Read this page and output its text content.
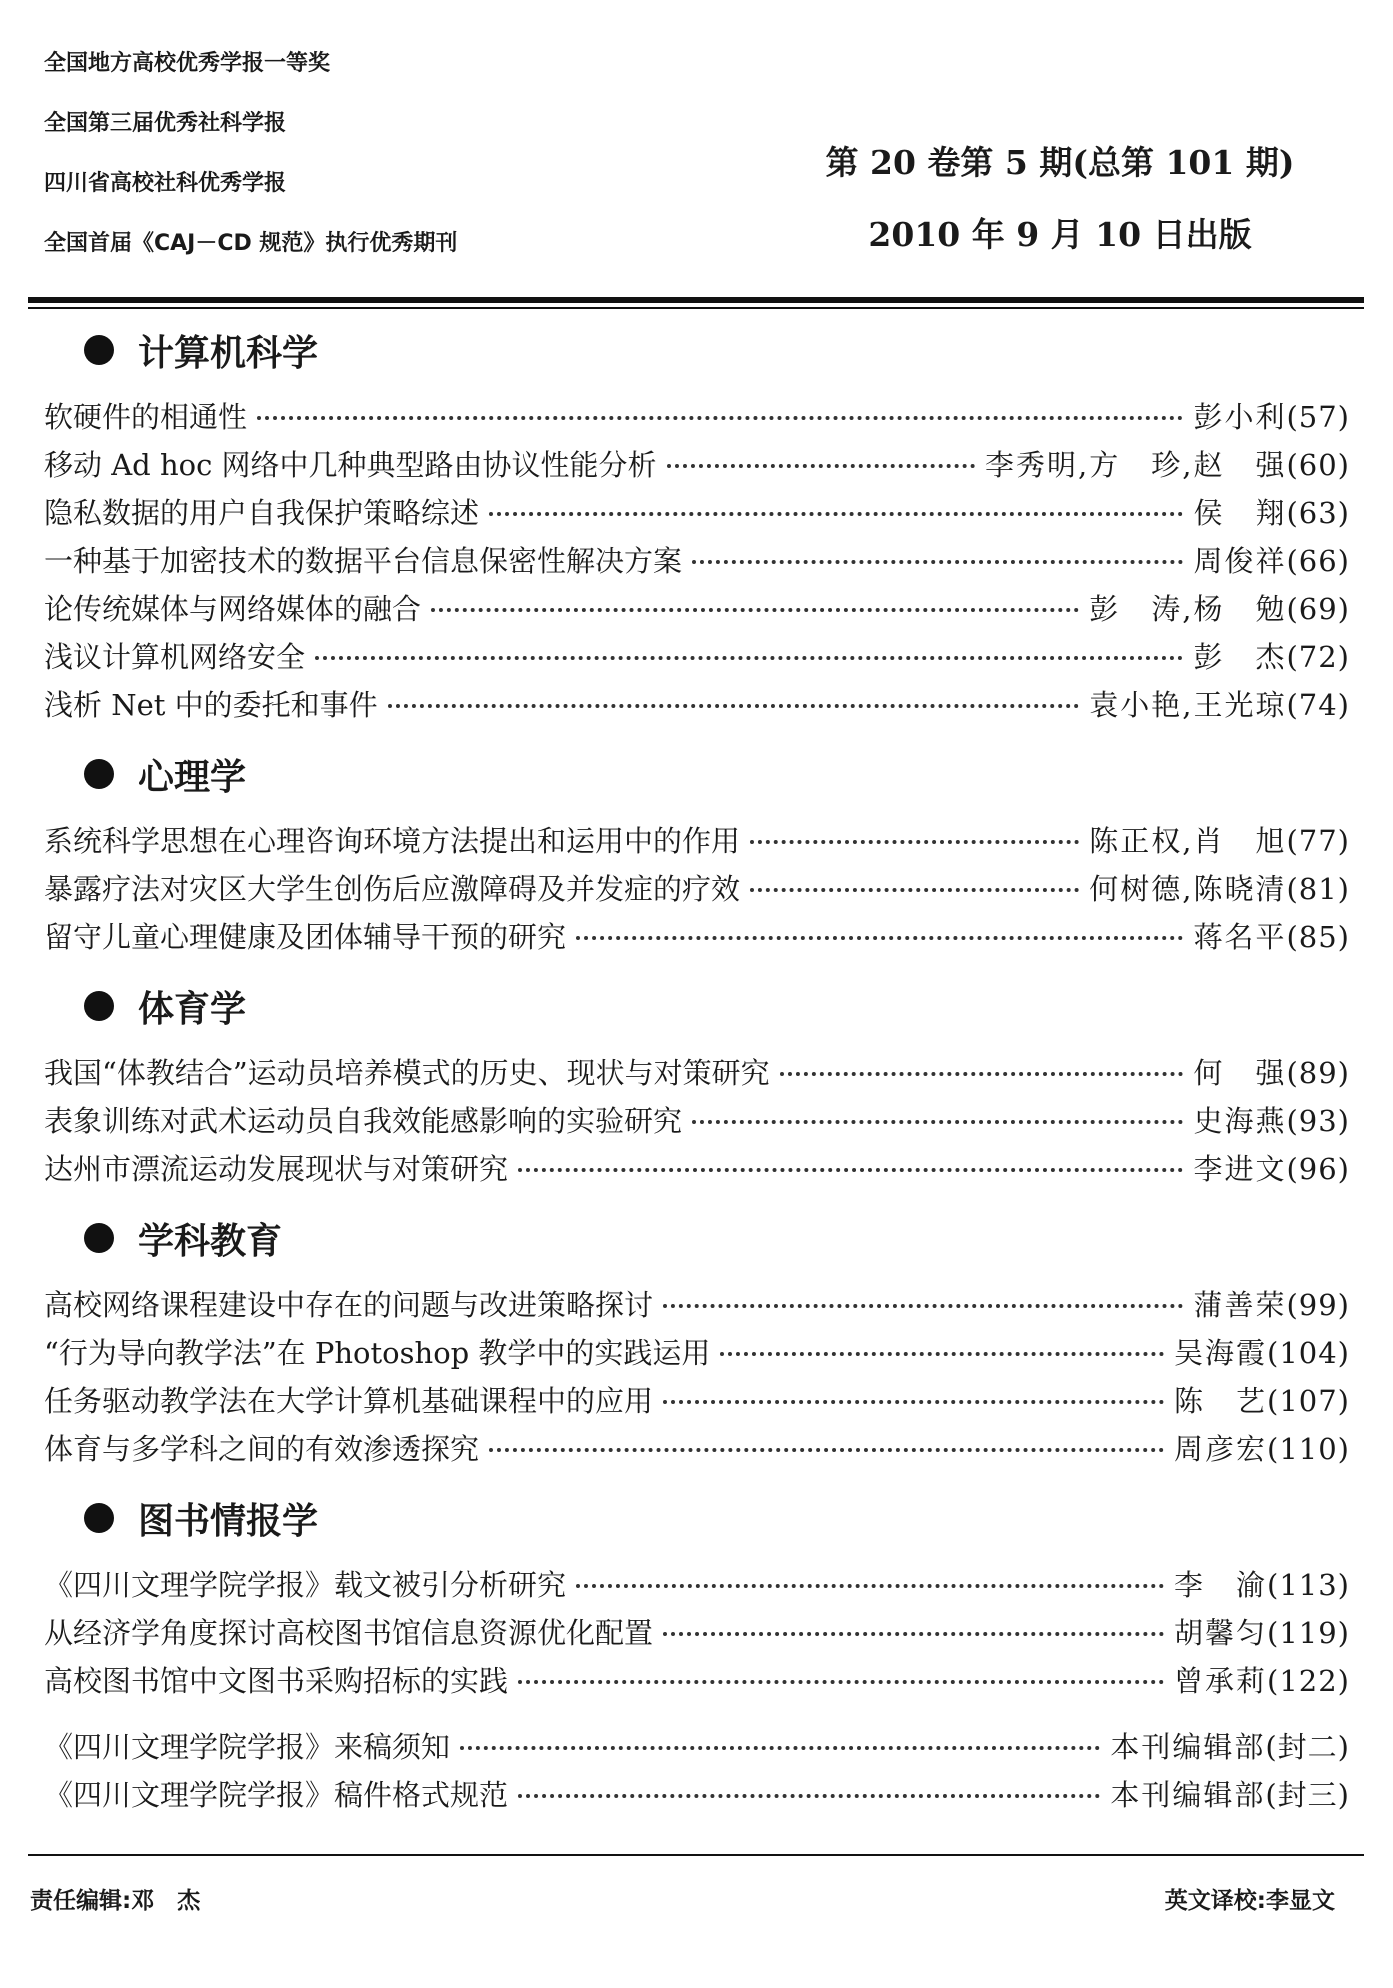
全国地方高校优秀学报一等奖
全国第三届优秀社科学报
四川省高校社科优秀学报
全国首届《CAJ－CD 规范》执行优秀期刊
第 20 卷第 5 期(总第 101 期)
2010 年 9 月 10 日出版
计算机科学
软硬件的相通性	彭小利 (57)
移动 Ad hoc 网络中几种典型路由协议性能分析	李秀明,方　珍,赵　强 (60)
隐私数据的用户自我保护策略综述	侯　翔 (63)
一种基于加密技术的数据平台信息保密性解决方案	周俊祥 (66)
论传统媒体与网络媒体的融合	彭　涛,杨　勉 (69)
浅议计算机网络安全	彭　杰 (72)
浅析 Net 中的委托和事件	袁小艳,王光琼 (74)
心理学
系统科学思想在心理咨询环境方法提出和运用中的作用	陈正权,肖　旭 (77)
暴露疗法对灾区大学生创伤后应激障碍及并发症的疗效	何树德,陈晓清 (81)
留守儿童心理健康及团体辅导干预的研究	蒋名平 (85)
体育学
我国“体教结合”运动员培养模式的历史、现状与对策研究	何　强 (89)
表象训练对武术运动员自我效能感影响的实验研究	史海燕 (93)
达州市漂流运动发展现状与对策研究	李进文 (96)
学科教育
高校网络课程建设中存在的问题与改进策略探讨	蒲善荣 (99)
“行为导向教学法”在 Photoshop 教学中的实践运用	吴海霞 (104)
任务驱动教学法在大学计算机基础课程中的应用	陈　艺 (107)
体育与多学科之间的有效渗透探究	周彦宏 (110)
图书情报学
《四川文理学院学报》载文被引分析研究	李　渝 (113)
从经济学角度探讨高校图书馆信息资源优化配置	胡馨匀 (119)
高校图书馆中文图书采购招标的实践	曾承莉 (122)
《四川文理学院学报》来稿须知	本刊编辑部 (封二)
《四川文理学院学报》稿件格式规范	本刊编辑部 (封三)
责任编辑:邓　杰	英文译校:李显文
